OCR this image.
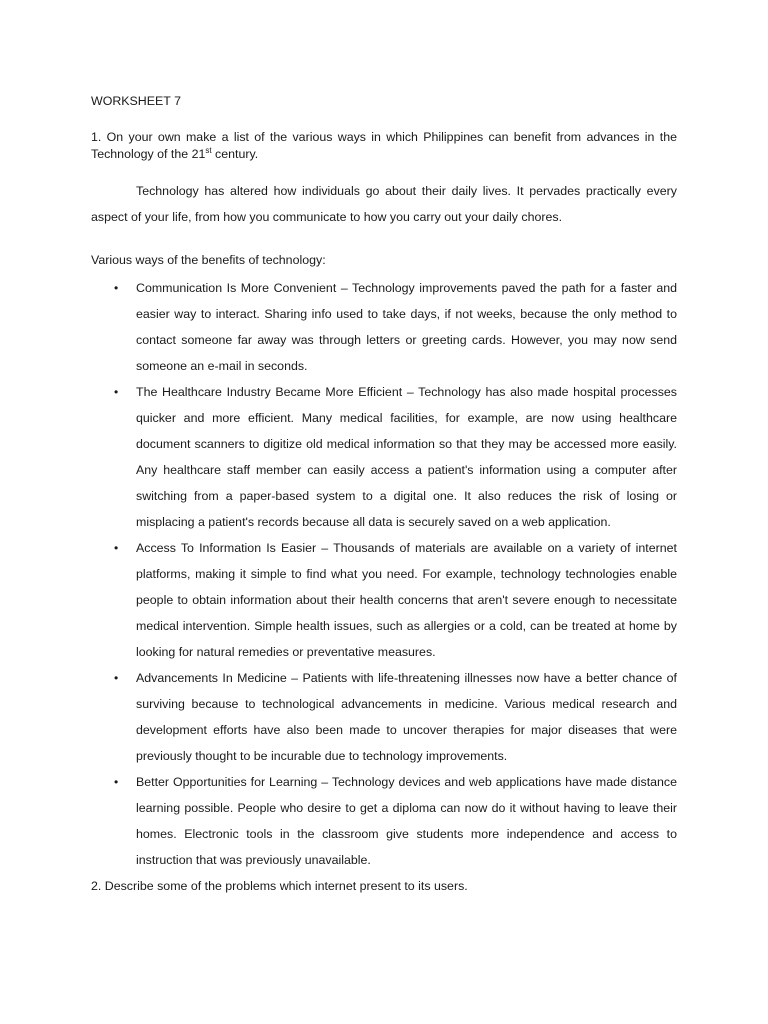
WORKSHEET 7
1. On your own make a list of the various ways in which Philippines can benefit from advances in the Technology of the 21st century.
Technology has altered how individuals go about their daily lives. It pervades practically every aspect of your life, from how you communicate to how you carry out your daily chores.
Various ways of the benefits of technology:
• Communication Is More Convenient – Technology improvements paved the path for a faster and easier way to interact. Sharing info used to take days, if not weeks, because the only method to contact someone far away was through letters or greeting cards. However, you may now send someone an e-mail in seconds.
• The Healthcare Industry Became More Efficient – Technology has also made hospital processes quicker and more efficient. Many medical facilities, for example, are now using healthcare document scanners to digitize old medical information so that they may be accessed more easily. Any healthcare staff member can easily access a patient's information using a computer after switching from a paper-based system to a digital one. It also reduces the risk of losing or misplacing a patient's records because all data is securely saved on a web application.
• Access To Information Is Easier – Thousands of materials are available on a variety of internet platforms, making it simple to find what you need. For example, technology technologies enable people to obtain information about their health concerns that aren't severe enough to necessitate medical intervention. Simple health issues, such as allergies or a cold, can be treated at home by looking for natural remedies or preventative measures.
• Advancements In Medicine – Patients with life-threatening illnesses now have a better chance of surviving because to technological advancements in medicine. Various medical research and development efforts have also been made to uncover therapies for major diseases that were previously thought to be incurable due to technology improvements.
• Better Opportunities for Learning – Technology devices and web applications have made distance learning possible. People who desire to get a diploma can now do it without having to leave their homes. Electronic tools in the classroom give students more independence and access to instruction that was previously unavailable.
2. Describe some of the problems which internet present to its users.
